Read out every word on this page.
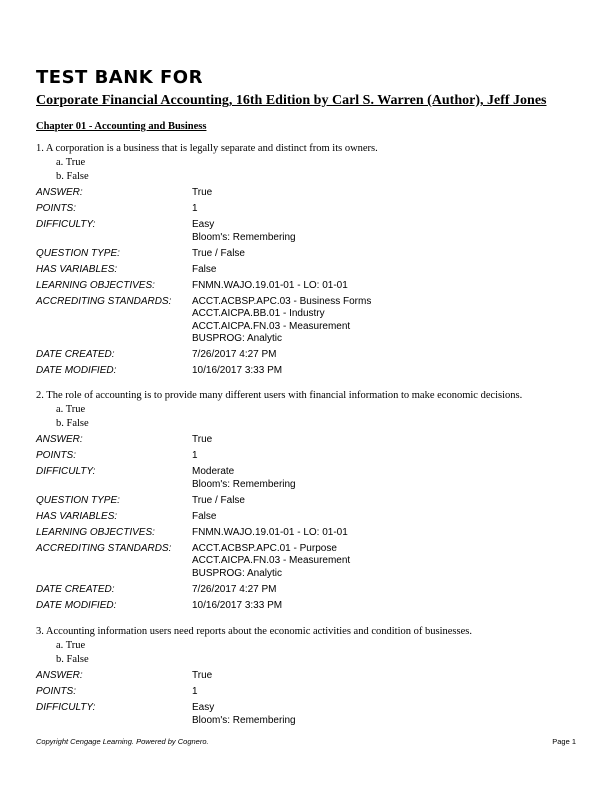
TEST BANK FOR
Corporate Financial Accounting, 16th Edition by Carl S. Warren (Author), Jeff Jones
Chapter 01 - Accounting and Business
1. A corporation is a business that is legally separate and distinct from its owners.
a. True
b. False
ANSWER:	True
POINTS:	1
DIFFICULTY:	Easy
Bloom's: Remembering
QUESTION TYPE:	True / False
HAS VARIABLES:	False
LEARNING OBJECTIVES:	FNMN.WAJO.19.01-01 - LO: 01-01
ACCREDITING STANDARDS:	ACCT.ACBSP.APC.03 - Business Forms
ACCT.AICPA.BB.01 - Industry
ACCT.AICPA.FN.03 - Measurement
BUSPROG: Analytic
DATE CREATED:	7/26/2017 4:27 PM
DATE MODIFIED:	10/16/2017 3:33 PM
2. The role of accounting is to provide many different users with financial information to make economic decisions.
a. True
b. False
ANSWER:	True
POINTS:	1
DIFFICULTY:	Moderate
Bloom's: Remembering
QUESTION TYPE:	True / False
HAS VARIABLES:	False
LEARNING OBJECTIVES:	FNMN.WAJO.19.01-01 - LO: 01-01
ACCREDITING STANDARDS:	ACCT.ACBSP.APC.01 - Purpose
ACCT.AICPA.FN.03 - Measurement
BUSPROG: Analytic
DATE CREATED:	7/26/2017 4:27 PM
DATE MODIFIED:	10/16/2017 3:33 PM
3. Accounting information users need reports about the economic activities and condition of businesses.
a. True
b. False
ANSWER:	True
POINTS:	1
DIFFICULTY:	Easy
Bloom's: Remembering
Copyright Cengage Learning. Powered by Cognero.	Page 1
